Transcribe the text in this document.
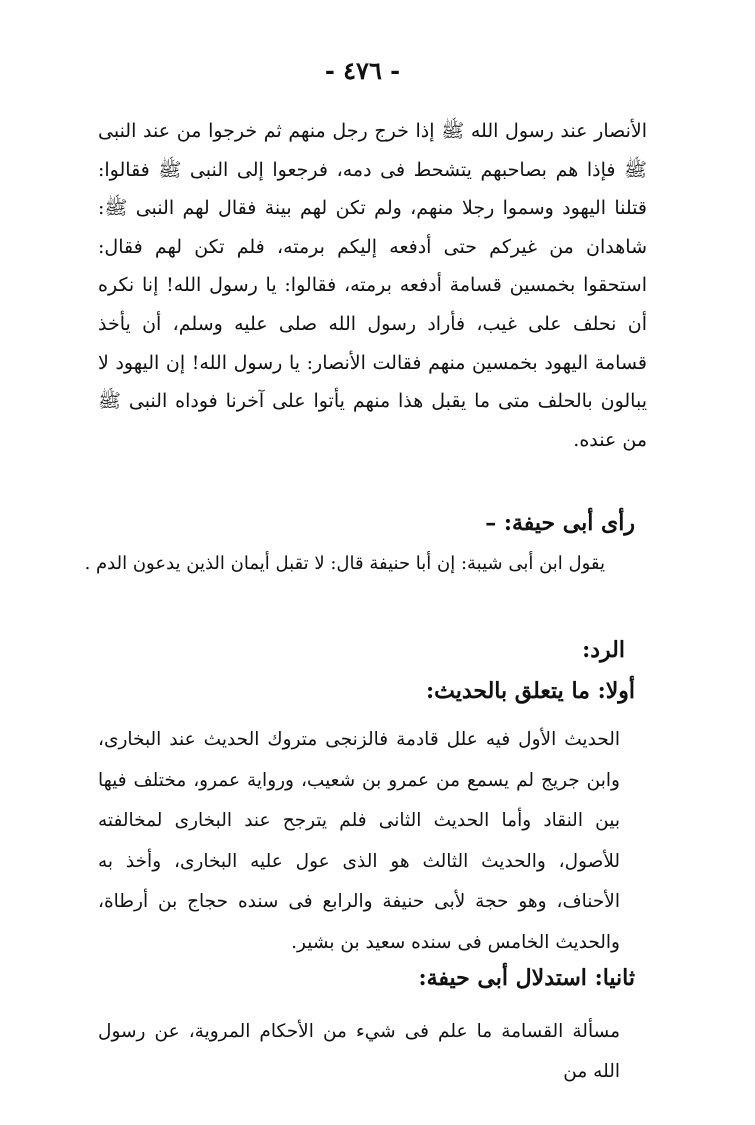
- ٤٧٦ -

الأنصار عند رسول الله ﷺ إذا خرج رجل منهم ثم خرجوا من عند النبى ﷺ فإذا هم بصاحبهم يتشحط فى دمه، فرجعوا إلى النبى ﷺ فقالوا: قتلنا اليهود وسموا رجلا منهم، ولم تكن لهم بينة فقال لهم النبى ﷺ: شاهدان من غيركم حتى أدفعه إليكم برمته، فلم تكن لهم فقال: استحقوا بخمسين قسامة أدفعه برمته، فقالوا: يا رسول الله! إنا نكره أن نحلف على غيب، فأراد رسول الله صلى عليه وسلم، أن يأخذ قسامة اليهود بخمسين منهم فقالت الأنصار: يا رسول الله! إن اليهود لا يبالون بالحلف متى ما يقبل هذا منهم يأتوا على آخرنا فوداه النبى ﷺ من عنده.

رأى أبى حيفة: –
يقول ابن أبى شيبة: إن أبا حنيفة قال: لا تقبل أيمان الذين يدعون الدم .
الرد:
أولا: ما يتعلق بالحديث:

الحديث الأول فيه علل قادمة فالزنجى متروك الحديث عند البخارى، وابن جريج لم يسمع من عمرو بن شعيب، ورواية عمرو، مختلف فيها بين النقاد وأما الحديث الثانى فلم يترجح عند البخارى لمخالفته للأصول، والحديث الثالث هو الذى عول عليه البخارى، وأخذ به الأحناف، وهو حجة لأبى حنيفة والرابع فى سنده حجاج بن أرطاة، والحديث الخامس فى سنده سعيد بن بشير.

ثانيا: استدلال أبى حيفة:

مسألة القسامة ما علم فى شيء من الأحكام المروية، عن رسول الله من
